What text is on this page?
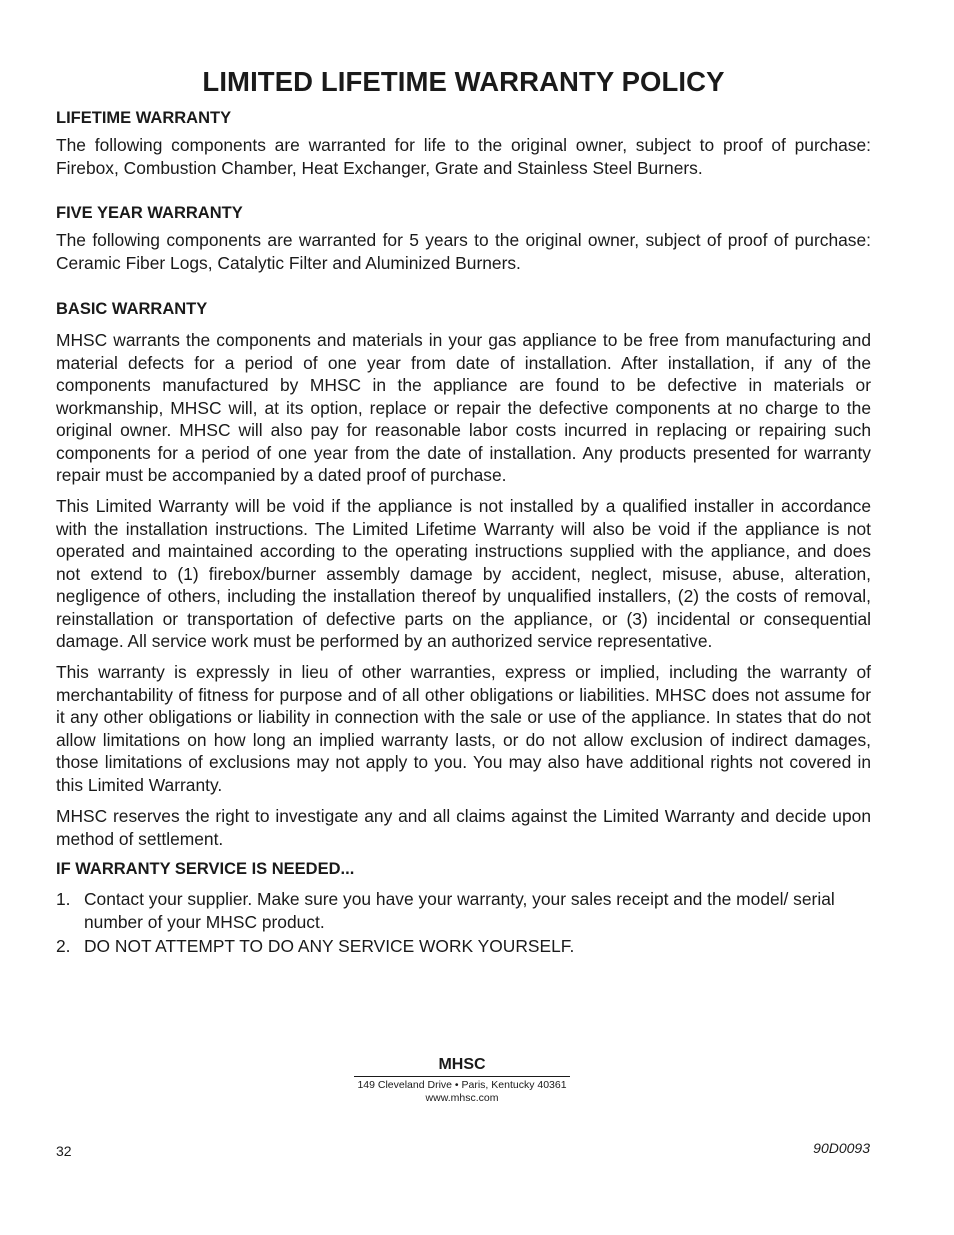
LIMITED LIFETIME WARRANTY POLICY
LIFETIME WARRANTY

The following components are warranted for life to the original owner, subject to proof of purchase: Firebox, Combustion Chamber, Heat Exchanger, Grate and Stainless Steel Burners.

FIVE YEAR WARRANTY

The following components are warranted for 5 years to the original owner, subject of proof of purchase: Ceramic Fiber Logs, Catalytic Filter and Aluminized Burners.

BASIC WARRANTY

MHSC warrants the components and materials in your gas appliance to be free from manufacturing and material defects for a period of one year from date of installation. After installation, if any of the components manufactured by MHSC in the appliance are found to be defective in materials or workmanship, MHSC will, at its option, replace or repair the defective components at no charge to the original owner. MHSC will also pay for reasonable labor costs incurred in replacing or repairing such components for a period of one year from the date of installation. Any products presented for warranty repair must be accompanied by a dated proof of purchase.

This Limited Warranty will be void if the appliance is not installed by a qualified installer in accordance with the installation instructions. The Limited Lifetime Warranty will also be void if the appliance is not operated and maintained according to the operating instructions supplied with the appliance, and does not extend to (1) firebox/burner assembly damage by accident, neglect, misuse, abuse, alteration, negligence of others, including the installation thereof by unqualified installers, (2) the costs of removal, reinstallation or transportation of defective parts on the appliance, or (3) incidental or consequential damage. All service work must be performed by an authorized service representative.

This warranty is expressly in lieu of other warranties, express or implied, including the warranty of merchantability of fitness for purpose and of all other obligations or liabilities. MHSC does not assume for it any other obligations or liability in connection with the sale or use of the appliance. In states that do not allow limitations on how long an implied warranty lasts, or do not allow exclusion of indirect damages, those limitations of exclusions may not apply to you. You may also have additional rights not covered in this Limited Warranty.

MHSC reserves the right to investigate any and all claims against the Limited Warranty and decide upon method of settlement.

IF WARRANTY SERVICE IS NEEDED...
1. Contact your supplier. Make sure you have your warranty, your sales receipt and the model/ serial number of your MHSC product.
2. DO NOT ATTEMPT TO DO ANY SERVICE WORK YOURSELF.
MHSC
149 Cleveland Drive • Paris, Kentucky 40361
www.mhsc.com
32	90D0093
